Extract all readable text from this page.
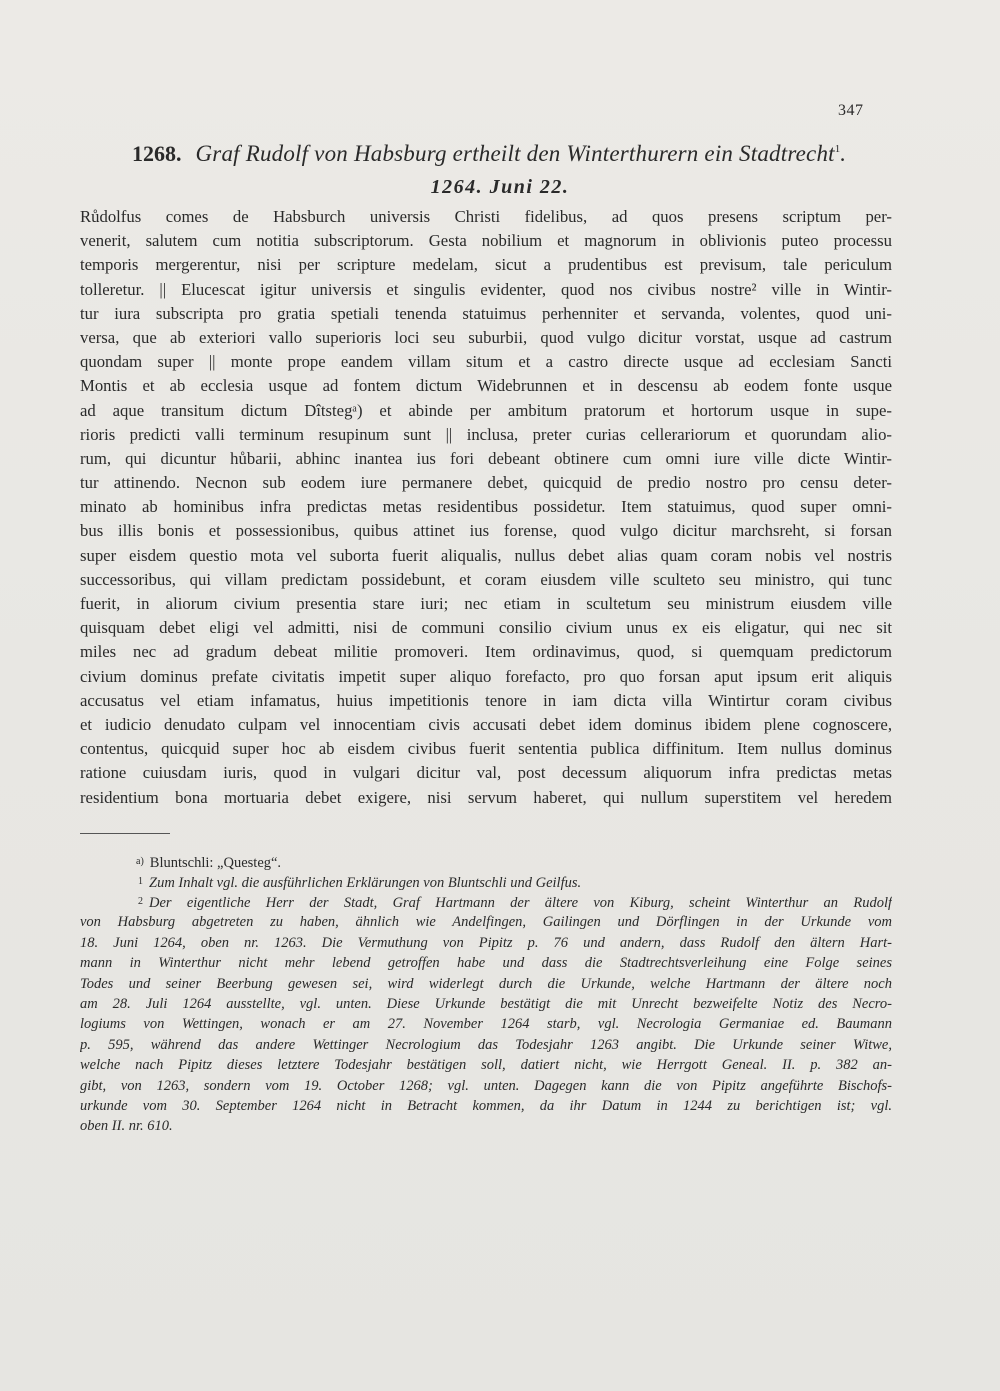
347
1268. Graf Rudolf von Habsburg ertheilt den Winterthurern ein Stadtrecht$^1$.
1264. Juni 22.
Růdolfus comes de Habsburch universis Christi fidelibus, ad quos presens scriptum per-
venerit, salutem cum notitia subscriptorum. Gesta nobilium et magnorum in oblivionis puteo processu
temporis mergerentur, nisi per scripture medelam, sicut a prudentibus est previsum, tale periculum
tolleretur. || Elucescat igitur universis et singulis evidenter, quod nos civibus nostre² ville in Wintir-
tur iura subscripta pro gratia spetiali tenenda statuimus perhenniter et servanda, volentes, quod uni-
versa, que ab exteriori vallo superioris loci seu suburbii, quod vulgo dicitur vorstat, usque ad castrum
quondam super || monte prope eandem villam situm et a castro directe usque ad ecclesiam Sancti
Montis et ab ecclesia usque ad fontem dictum Widebrunnen et in descensu ab eodem fonte usque
ad aque transitum dictum Dîtstegᵃ) et abinde per ambitum pratorum et hortorum usque in supe-
rioris predicti valli terminum resupinum sunt || inclusa, preter curias cellerariorum et quorundam alio-
rum, qui dicuntur hůbarii, abhinc inantea ius fori debeant obtinere cum omni iure ville dicte Wintir-
tur attinendo. Necnon sub eodem iure permanere debet, quicquid de predio nostro pro censu deter-
minato ab hominibus infra predictas metas residentibus possidetur. Item statuimus, quod super omni-
bus illis bonis et possessionibus, quibus attinet ius forense, quod vulgo dicitur marchsreht, si forsan
super eisdem questio mota vel suborta fuerit aliqualis, nullus debet alias quam coram nobis vel nostris
successoribus, qui villam predictam possidebunt, et coram eiusdem ville sculteto seu ministro, qui tunc
fuerit, in aliorum civium presentia stare iuri; nec etiam in scultetum seu ministrum eiusdem ville
quisquam debet eligi vel admitti, nisi de communi consilio civium unus ex eis eligatur, qui nec sit
miles nec ad gradum debeat militie promoveri. Item ordinavimus, quod, si quemquam predictorum
civium dominus prefate civitatis impetit super aliquo forefacto, pro quo forsan aput ipsum erit aliquis
accusatus vel etiam infamatus, huius impetitionis tenore in iam dicta villa Wintirtur coram civibus
et iudicio denudato culpam vel innocentiam civis accusati debet idem dominus ibidem plene cognoscere,
contentus, quicquid super hoc ab eisdem civibus fuerit sententia publica diffinitum. Item nullus dominus
ratione cuiusdam iuris, quod in vulgari dicitur val, post decessum aliquorum infra predictas metas
residentium bona mortuaria debet exigere, nisi servum haberet, qui nullum superstitem vel heredem
$^{a)}$ Bluntschli: „Questeg“.
$^1$ Zum Inhalt vgl. die ausführlichen Erklärungen von Bluntschli und Geilfus.
$^2$ Der eigentliche Herr der Stadt, Graf Hartmann der ältere von Kiburg, scheint Winterthur an Rudolf
von Habsburg abgetreten zu haben, ähnlich wie Andelfingen, Gailingen und Dörflingen in der Urkunde vom
18. Juni 1264, oben nr. 1263. Die Vermuthung von Pipitz p. 76 und andern, dass Rudolf den ältern Hart-
mann in Winterthur nicht mehr lebend getroffen habe und dass die Stadtrechtsverleihung eine Folge seines
Todes und seiner Beerbung gewesen sei, wird widerlegt durch die Urkunde, welche Hartmann der ältere noch
am 28. Juli 1264 ausstellte, vgl. unten. Diese Urkunde bestätigt die mit Unrecht bezweifelte Notiz des Necro-
logiums von Wettingen, wonach er am 27. November 1264 starb, vgl. Necrologia Germaniae ed. Baumann
p. 595, während das andere Wettinger Necrologium das Todesjahr 1263 angibt. Die Urkunde seiner Witwe,
welche nach Pipitz dieses letztere Todesjahr bestätigen soll, datiert nicht, wie Herrgott Geneal. II. p. 382 an-
gibt, von 1263, sondern vom 19. October 1268; vgl. unten. Dagegen kann die von Pipitz angeführte Bischofs-
urkunde vom 30. September 1264 nicht in Betracht kommen, da ihr Datum in 1244 zu berichtigen ist; vgl.
oben II. nr. 610.
